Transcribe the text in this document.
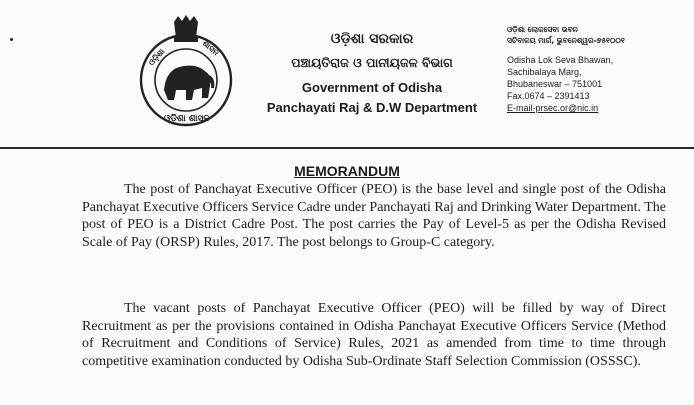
ଓଡ଼ିଶା	ଶାସନ
ଓଡ଼ିଶା ଶାସନ
ଓଡ଼ିଶା ସରକାର
ପଞ୍ଚାୟତିରାଜ ଓ ପାନୀୟଜଳ ବିଭାଗ
Government of Odisha
Panchayati Raj & D.W Department
ଓଡ଼ିଶା ଲୋକସେବା ଭବନ
ସଚିବାଳୟ ମାର୍ଗ, ଭୁବନେଶ୍ୱର-୭୫୧୦୦୧
Odisha Lok Seva Bhawan,
Sachibalaya Marg,
Bhubaneswar – 751001
Fax.0674 – 2391413
E-mail-prsec.or@nic.in
MEMORANDUM
The post of Panchayat Executive Officer (PEO) is the base level and single post of the Odisha Panchayat Executive Officers Service Cadre under Panchayati Raj and Drinking Water Department. The post of PEO is a District Cadre Post. The post carries the Pay of Level-5 as per the Odisha Revised Scale of Pay (ORSP) Rules, 2017. The post belongs to Group-C category.
The vacant posts of Panchayat Executive Officer (PEO) will be filled by way of Direct Recruitment as per the provisions contained in Odisha Panchayat Executive Officers Service (Method of Recruitment and Conditions of Service) Rules, 2021 as amended from time to time through competitive examination conducted by Odisha Sub-Ordinate Staff Selection Commission (OSSSC).
